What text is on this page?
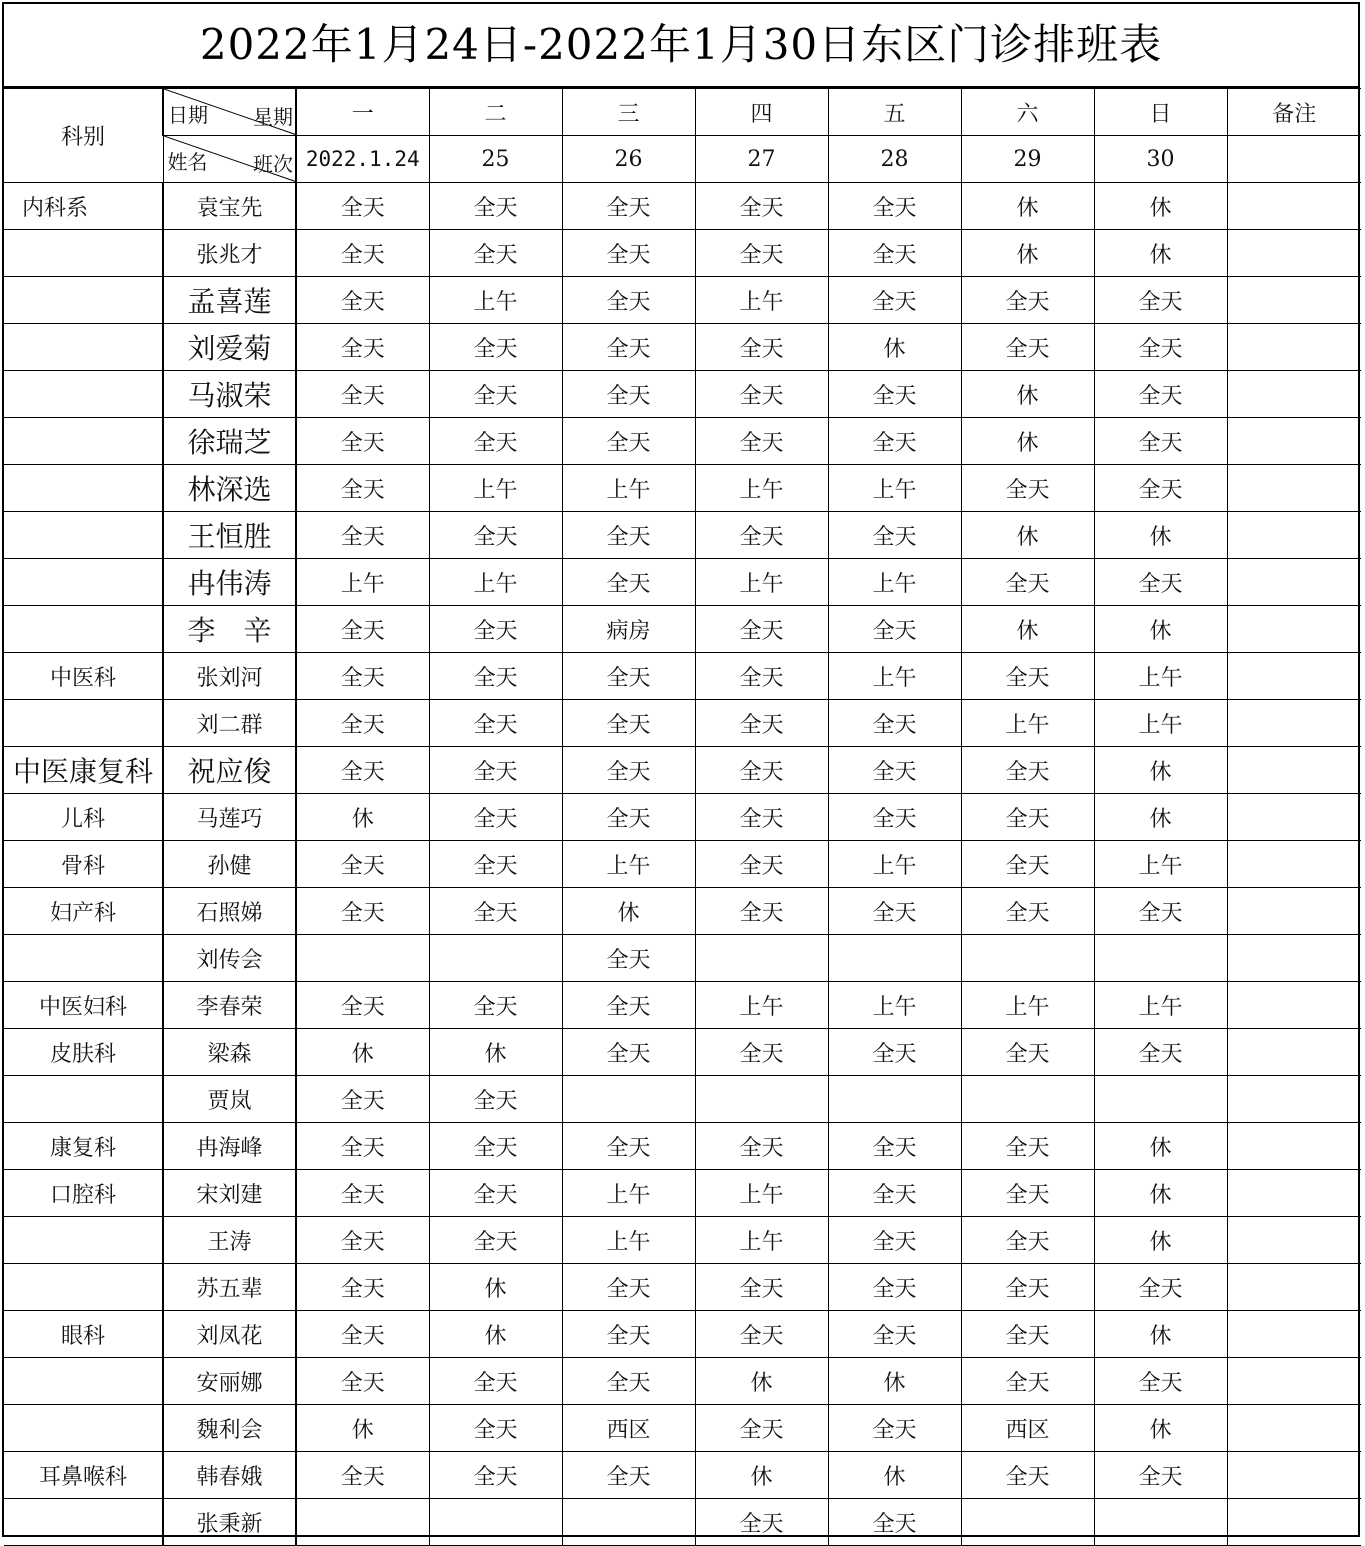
2022年1月24日-2022年1月30日东区门诊排班表
科别	日期 星期	一	二	三	四	五	六	日	备注

	姓名 班次	2022.1.24	25	26	27	28	29	30	
内科系	袁宝先	全天	全天	全天	全天	全天	休	休	
	张兆才	全天	全天	全天	全天	全天	休	休	
	孟喜莲	全天	上午	全天	上午	全天	全天	全天	
	刘爱菊	全天	全天	全天	全天	休	全天	全天	
	马淑荣	全天	全天	全天	全天	全天	休	全天	
	徐瑞芝	全天	全天	全天	全天	全天	休	全天	
	林深选	全天	上午	上午	上午	上午	全天	全天	
	王恒胜	全天	全天	全天	全天	全天	休	休	
	冉伟涛	上午	上午	全天	上午	上午	全天	全天	
	李　辛	全天	全天	病房	全天	全天	休	休	
中医科	张刘河	全天	全天	全天	全天	上午	全天	上午	
	刘二群	全天	全天	全天	全天	全天	上午	上午	
中医康复科	祝应俊	全天	全天	全天	全天	全天	全天	休	
儿科	马莲巧	休	全天	全天	全天	全天	全天	休	
骨科	孙健	全天	全天	上午	全天	上午	全天	上午	
妇产科	石照娣	全天	全天	休	全天	全天	全天	全天	
	刘传会			全天					
中医妇科	李春荣	全天	全天	全天	上午	上午	上午	上午	
皮肤科	梁森	休	休	全天	全天	全天	全天	全天	
	贾岚	全天	全天						
康复科	冉海峰	全天	全天	全天	全天	全天	全天	休	
口腔科	宋刘建	全天	全天	上午	上午	全天	全天	休	
	王涛	全天	全天	上午	上午	全天	全天	休	
	苏五辈	全天	休	全天	全天	全天	全天	全天	
眼科	刘凤花	全天	休	全天	全天	全天	全天	休	
	安丽娜	全天	全天	全天	休	休	全天	全天	
	魏利会	休	全天	西区	全天	全天	西区	休	
耳鼻喉科	韩春娥	全天	全天	全天	休	休	全天	全天	
	张秉新				全天	全天			
